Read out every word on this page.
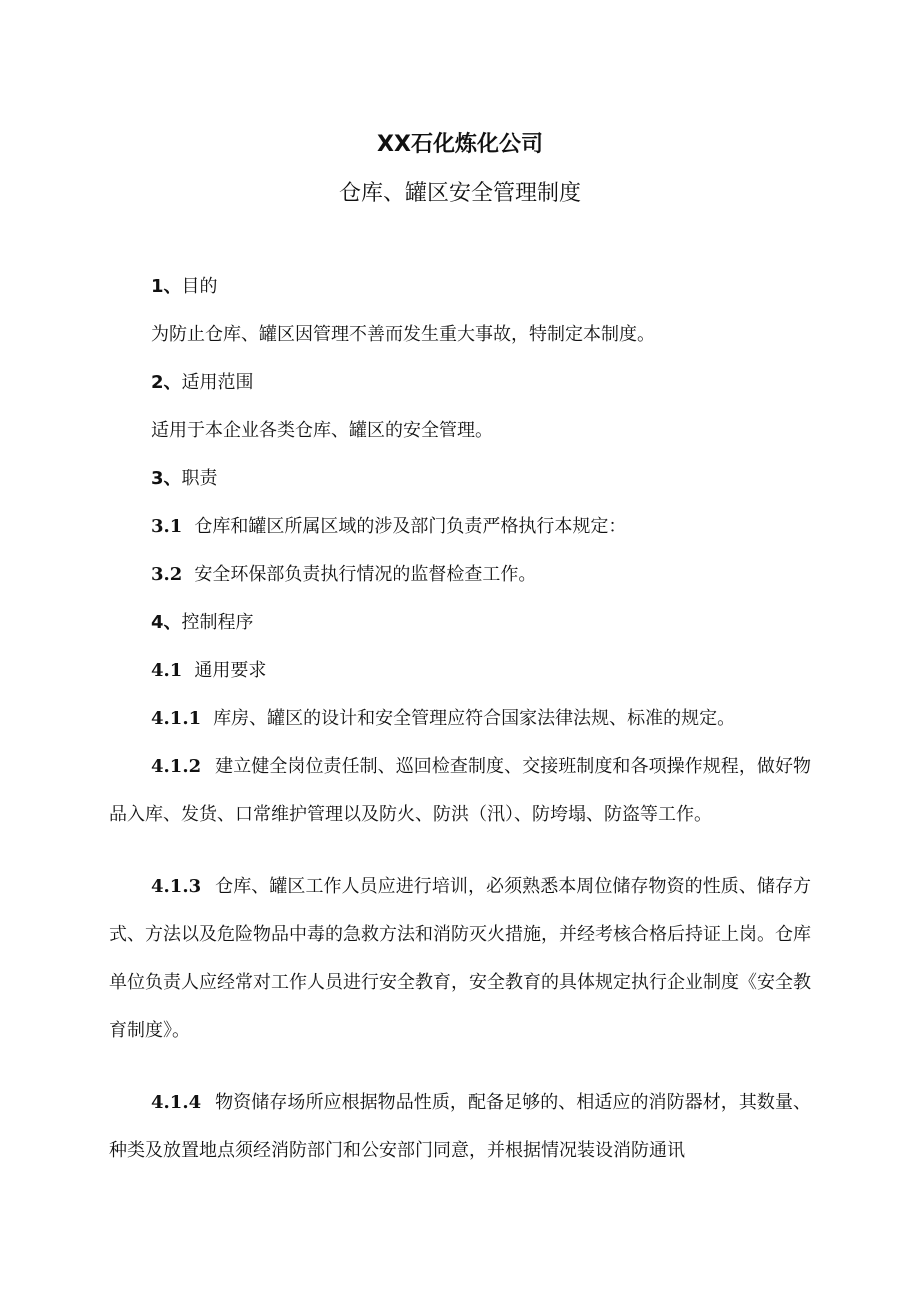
XX石化炼化公司
仓库、罐区安全管理制度

1、目的

为防止仓库、罐区因管理不善而发生重大事故，特制定本制度。

2、适用范围

适用于本企业各类仓库、罐区的安全管理。

3、职责

3.1 仓库和罐区所属区域的涉及部门负责严格执行本规定：

3.2 安全环保部负责执行情况的监督检查工作。

4、控制程序

4.1 通用要求

4.1.1 库房、罐区的设计和安全管理应符合国家法律法规、标准的规定。

4.1.2 建立健全岗位责任制、巡回检查制度、交接班制度和各项操作规程，做好物品入库、发货、口常维护管理以及防火、防洪（汛）、防垮塌、防盗等工作。

4.1.3 仓库、罐区工作人员应进行培训，必须熟悉本周位储存物资的性质、储存方式、方法以及危险物品中毒的急救方法和消防灭火措施，并经考核合格后持证上岗。仓库单位负责人应经常对工作人员进行安全教育，安全教育的具体规定执行企业制度《安全教育制度》。

4.1.4 物资储存场所应根据物品性质，配备足够的、相适应的消防器材，其数量、种类及放置地点须经消防部门和公安部门同意，并根据情况装设消防通讯
